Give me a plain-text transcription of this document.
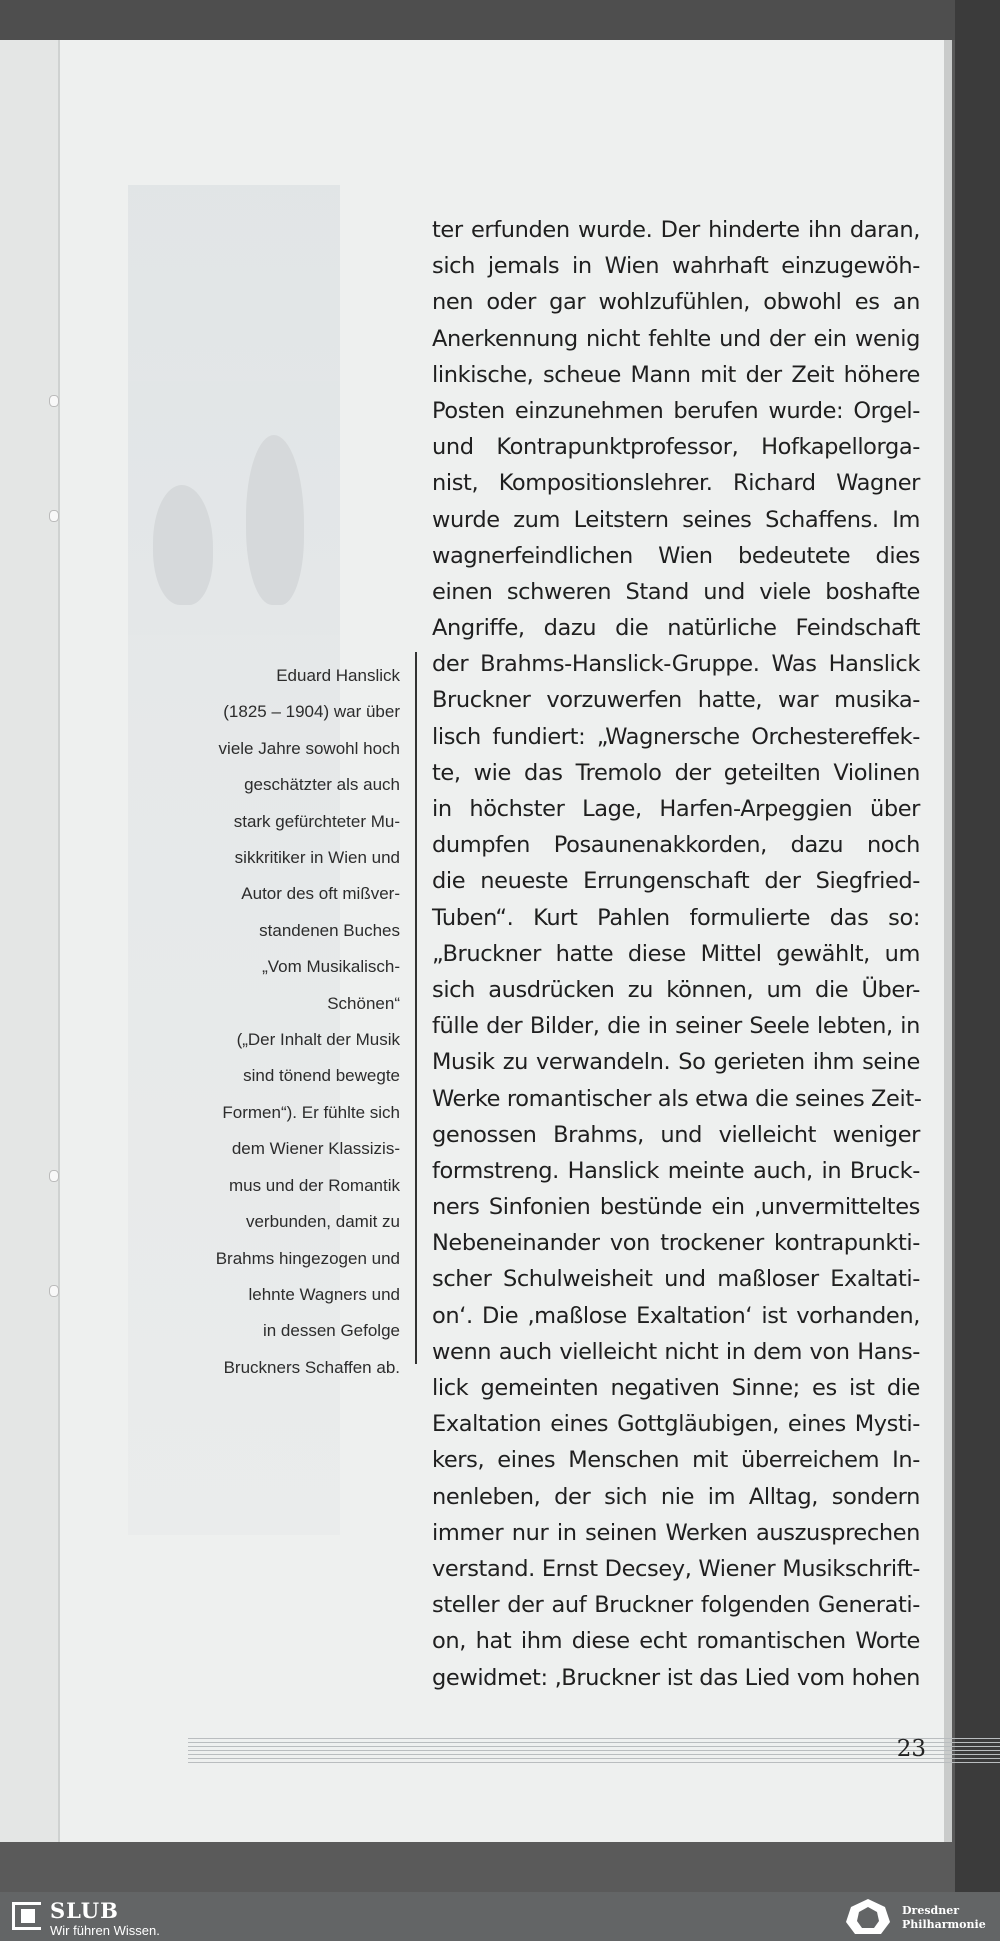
Eduard Hanslick
(1825 – 1904) war über
viele Jahre sowohl hoch
geschätzter als auch
stark gefürchteter Mu-
sikkritiker in Wien und
Autor des oft mißver-
standenen Buches
„Vom Musikalisch-
Schönen“
(„Der Inhalt der Musik
sind tönend bewegte
Formen“). Er fühlte sich
dem Wiener Klassizis-
mus und der Romantik
verbunden, damit zu
Brahms hingezogen und
lehnte Wagners und
in dessen Gefolge
Bruckners Schaffen ab.
ter erfunden wurde. Der hinderte ihn daran,
sich jemals in Wien wahrhaft einzugewöh-
nen oder gar wohlzufühlen, obwohl es an
Anerkennung nicht fehlte und der ein wenig
linkische, scheue Mann mit der Zeit höhere
Posten einzunehmen berufen wurde: Orgel-
und Kontrapunktprofessor, Hofkapellorga-
nist, Kompositionslehrer. Richard Wagner
wurde zum Leitstern seines Schaffens. Im
wagnerfeindlichen Wien bedeutete dies
einen schweren Stand und viele boshafte
Angriffe, dazu die natürliche Feindschaft
der Brahms-Hanslick-Gruppe. Was Hanslick
Bruckner vorzuwerfen hatte, war musika-
lisch fundiert: „Wagnersche Orchestereffek-
te, wie das Tremolo der geteilten Violinen
in höchster Lage, Harfen-Arpeggien über
dumpfen Posaunenakkorden, dazu noch
die neueste Errungenschaft der Siegfried-
Tuben“. Kurt Pahlen formulierte das so:
„Bruckner hatte diese Mittel gewählt, um
sich ausdrücken zu können, um die Über-
fülle der Bilder, die in seiner Seele lebten, in
Musik zu verwandeln. So gerieten ihm seine
Werke romantischer als etwa die seines Zeit-
genossen Brahms, und vielleicht weniger
formstreng. Hanslick meinte auch, in Bruck-
ners Sinfonien bestünde ein ‚unvermitteltes
Nebeneinander von trockener kontrapunkti-
scher Schulweisheit und maßloser Exaltati-
on‘. Die ‚maßlose Exaltation‘ ist vorhanden,
wenn auch vielleicht nicht in dem von Hans-
lick gemeinten negativen Sinne; es ist die
Exaltation eines Gottgläubigen, eines Mysti-
kers, eines Menschen mit überreichem In-
nenleben, der sich nie im Alltag, sondern
immer nur in seinen Werken auszusprechen
verstand. Ernst Decsey, Wiener Musikschrift-
steller der auf Bruckner folgenden Generati-
on, hat ihm diese echt romantischen Worte
gewidmet: ‚Bruckner ist das Lied vom hohen
23
SLUB
Wir führen Wissen.
Dresdner
Philharmonie
